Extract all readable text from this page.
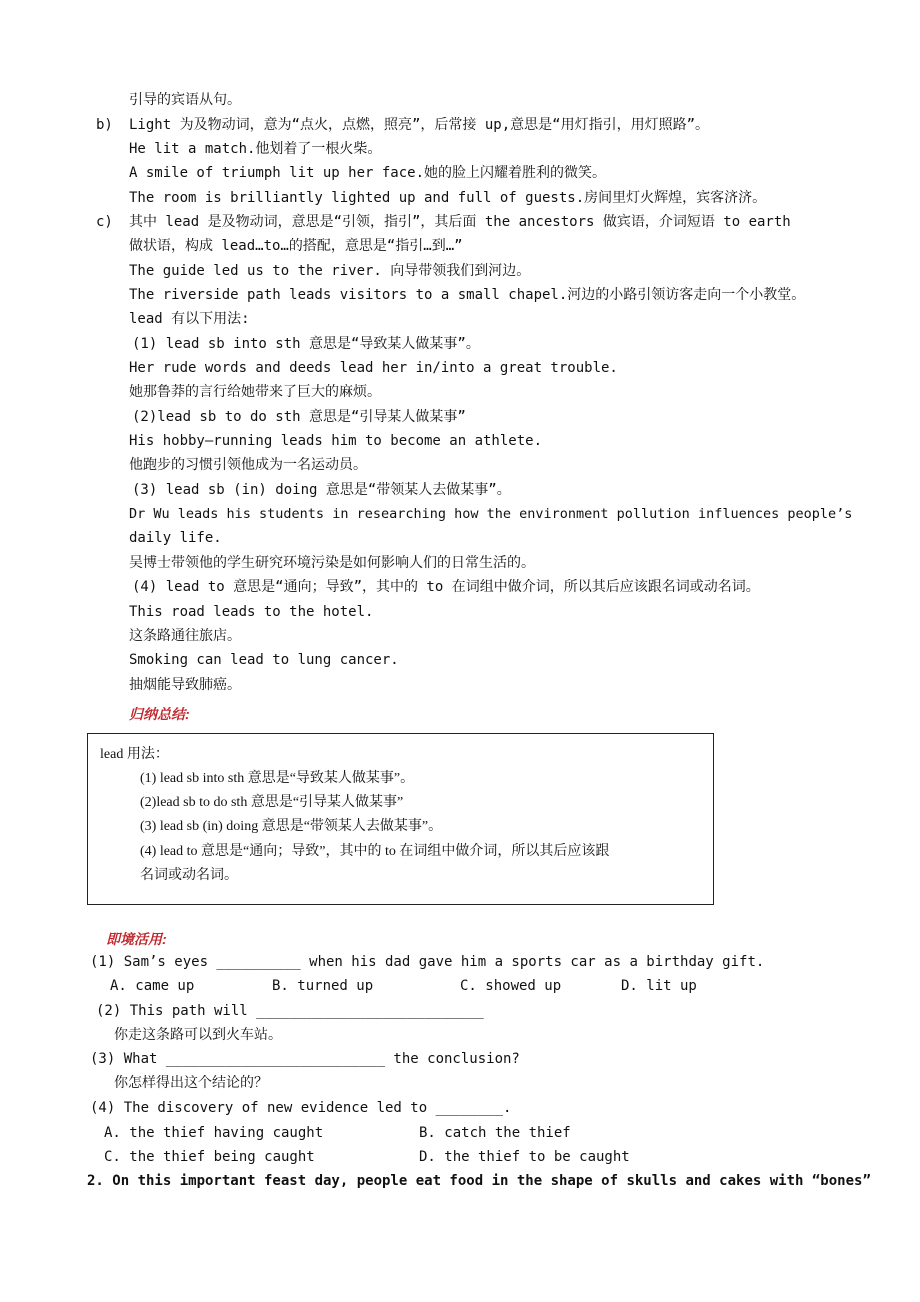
引导的宾语从句。
b) Light 为及物动词，意为“点火，点燃，照亮”，后常接 up,意思是“用灯指引，用灯照路”。
He lit a match.他划着了一根火柴。
A smile of triumph lit up her face.她的脸上闪耀着胜利的微笑。
The room is brilliantly lighted up and full of guests.房间里灯火辉煌，宾客济济。
c) 其中 lead 是及物动词，意思是“引领，指引”，其后面 the ancestors 做宾语，介词短语 to earth
做状语，构成 lead…to…的搭配，意思是“指引…到…”
The guide led us to the river. 向导带领我们到河边。
The riverside path leads visitors to a small chapel.河边的小路引领访客走向一个小教堂。
lead 有以下用法:
(1) lead sb into sth 意思是“导致某人做某事”。
Her rude words and deeds lead her in/into a great trouble.
她那鲁莽的言行给她带来了巨大的麻烦。
(2)lead sb to do sth 意思是“引导某人做某事”
His hobby—running leads him to become an athlete.
他跑步的习惯引领他成为一名运动员。
(3) lead sb (in) doing 意思是“带领某人去做某事”。
Dr Wu leads his students in researching how the environment pollution influences people’s
daily life.
吴博士带领他的学生研究环境污染是如何影响人们的日常生活的。
(4) lead to 意思是“通向；导致”，其中的 to 在词组中做介词，所以其后应该跟名词或动名词。
This road leads to the hotel.
这条路通往旅店。
Smoking can lead to lung cancer.
抽烟能导致肺癌。
归纳总结:
lead 用法：
(1) lead sb into sth 意思是“导致某人做某事”。
(2)lead sb to do sth 意思是“引导某人做某事”
(3) lead sb (in) doing 意思是“带领某人去做某事”。
(4) lead to 意思是“通向；导致”，其中的 to 在词组中做介词，所以其后应该跟
名词或动名词。
即境活用:
(1) Sam’s eyes __________ when his dad gave him a sports car as a birthday gift.
A. came up	B. turned up	C. showed up	D. lit up
(2) This path will ___________________________
你走这条路可以到火车站。
(3) What __________________________ the conclusion?
你怎样得出这个结论的？
(4) The discovery of new evidence led to ________.
A. the thief having caught	B. catch the thief
C. the thief being caught	D. the thief to be caught
2. On this important feast day, people eat food in the shape of skulls and cakes with “bones”
